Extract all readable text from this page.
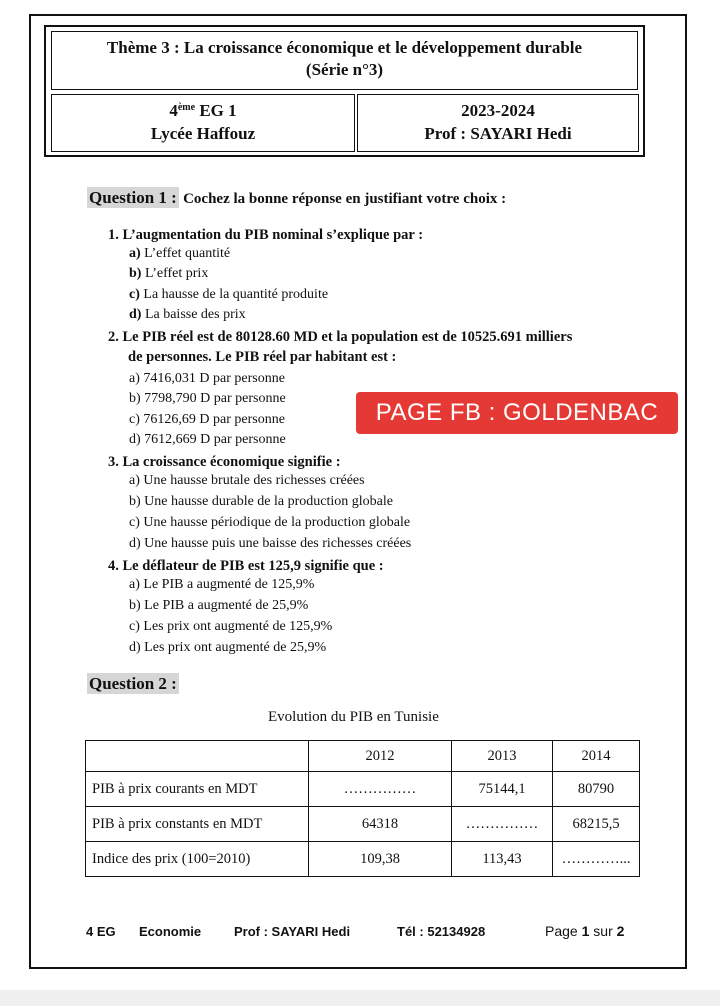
Thème 3 : La croissance économique et le développement durable
(Série n°3)
4ème EG 1
Lycée Haffouz
2023-2024
Prof : SAYARI Hedi
Question 1 : Cochez la bonne réponse en justifiant votre choix :
1. L’augmentation du PIB nominal s’explique par :
a) L’effet quantité
b) L’effet prix
c) La hausse de la quantité produite
d) La baisse des prix
2. Le PIB réel est de 80128.60 MD et la population est de 10525.691 milliers
de personnes. Le PIB réel par habitant est :
a) 7416,031 D par personne
b) 7798,790 D par personne
c) 76126,69 D par personne
d) 7612,669 D par personne
3. La croissance économique signifie :
a) Une hausse brutale des richesses créées
b) Une hausse durable de la production globale
c) Une hausse périodique de la production globale
d) Une hausse puis une baisse des richesses créées
4. Le déflateur de PIB est 125,9 signifie que :
a) Le PIB a augmenté de 125,9%
b) Le PIB a augmenté de 25,9%
c) Les prix ont augmenté de 125,9%
d) Les prix ont augmenté de 25,9%
PAGE FB : GOLDENBAC
Question 2 :
Evolution du PIB en Tunisie
	2012	2013	2014
PIB à prix courants en MDT	……………	75144,1	80790
PIB à prix constants en MDT	64318	……………	68215,5
Indice des prix (100=2010)	109,38	113,43	…………...
4 EG Economie	Prof : SAYARI Hedi	Tél : 52134928	Page 1 sur 2
